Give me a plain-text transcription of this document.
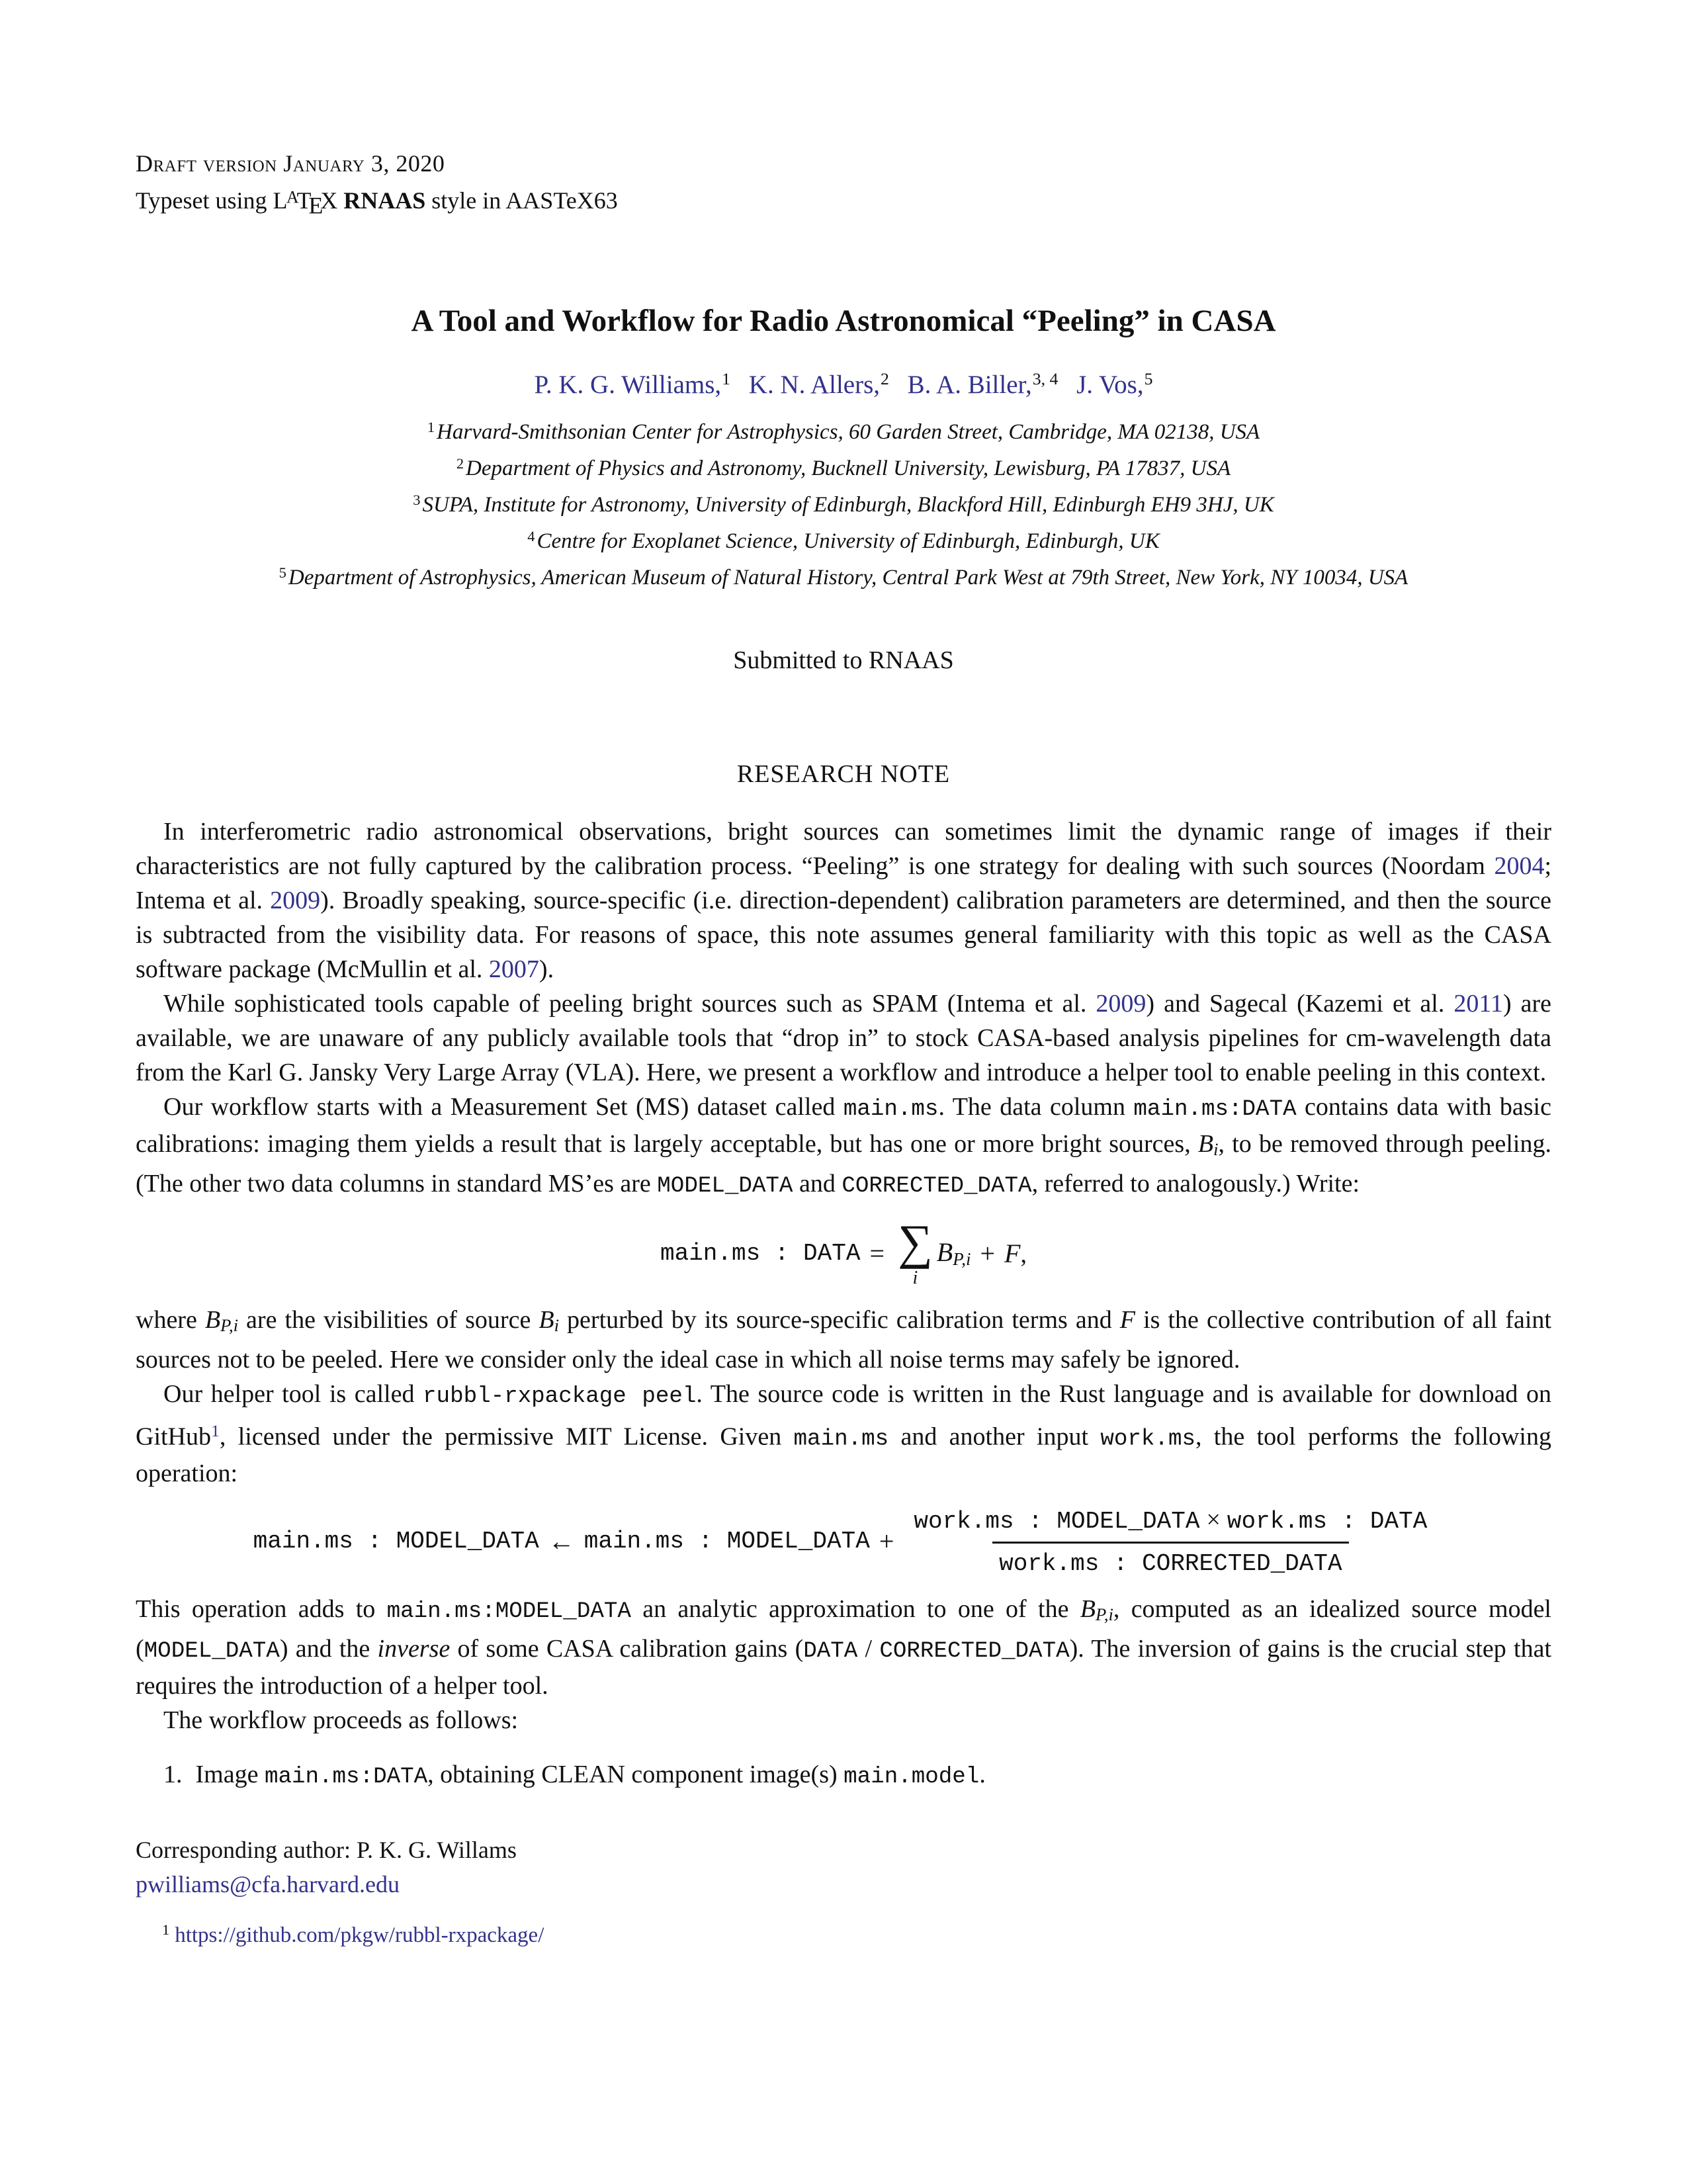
Draft version January 3, 2020
Typeset using LATEX RNAAS style in AASTeX63
A Tool and Workflow for Radio Astronomical “Peeling” in CASA
P. K. G. Williams,$^1$ K. N. Allers,$^2$ B. A. Biller,$^{3, 4}$ J. Vos,$^5$
$^1$Harvard-Smithsonian Center for Astrophysics, 60 Garden Street, Cambridge, MA 02138, USA
$^2$Department of Physics and Astronomy, Bucknell University, Lewisburg, PA 17837, USA
$^3$SUPA, Institute for Astronomy, University of Edinburgh, Blackford Hill, Edinburgh EH9 3HJ, UK
$^4$Centre for Exoplanet Science, University of Edinburgh, Edinburgh, UK
$^5$Department of Astrophysics, American Museum of Natural History, Central Park West at 79th Street, New York, NY 10034, USA
Submitted to RNAAS
RESEARCH NOTE
In interferometric radio astronomical observations, bright sources can sometimes limit the dynamic range of images if their characteristics are not fully captured by the calibration process. “Peeling” is one strategy for dealing with such sources (Noordam 2004; Intema et al. 2009). Broadly speaking, source-specific (i.e. direction-dependent) calibration parameters are determined, and then the source is subtracted from the visibility data. For reasons of space, this note assumes general familiarity with this topic as well as the CASA software package (McMullin et al. 2007).
While sophisticated tools capable of peeling bright sources such as SPAM (Intema et al. 2009) and Sagecal (Kazemi et al. 2011) are available, we are unaware of any publicly available tools that “drop in” to stock CASA-based analysis pipelines for cm-wavelength data from the Karl G. Jansky Very Large Array (VLA). Here, we present a workflow and introduce a helper tool to enable peeling in this context.
Our workflow starts with a Measurement Set (MS) dataset called main.ms. The data column main.ms:DATA contains data with basic calibrations: imaging them yields a result that is largely acceptable, but has one or more bright sources, Bi, to be removed through peeling. (The other two data columns in standard MS’es are MODEL_DATA and CORRECTED_DATA, referred to analogously.) Write:
main.ms : DATA = ∑
i
BP,i + F,
where BP,i are the visibilities of source Bi perturbed by its source-specific calibration terms and F is the collective contribution of all faint sources not to be peeled. Here we consider only the ideal case in which all noise terms may safely be ignored.
Our helper tool is called rubbl-rxpackage peel. The source code is written in the Rust language and is available for download on GitHub$^1$, licensed under the permissive MIT License. Given main.ms and another input work.ms, the tool performs the following operation:
main.ms : MODEL_DATA ← main.ms : MODEL_DATA + $\frac{\text{work.ms : MODEL\_DATA × work.ms : DATA}}{\text{work.ms : CORRECTED\_DATA}}$
This operation adds to main.ms:MODEL_DATA an analytic approximation to one of the BP,i, computed as an idealized source model (MODEL_DATA) and the inverse of some CASA calibration gains (DATA / CORRECTED_DATA). The inversion of gains is the crucial step that requires the introduction of a helper tool.
The workflow proceeds as follows:
1. Image main.ms:DATA, obtaining CLEAN component image(s) main.model.
Corresponding author: P. K. G. Willams
pwilliams@cfa.harvard.edu
$^1$ https://github.com/pkgw/rubbl-rxpackage/
